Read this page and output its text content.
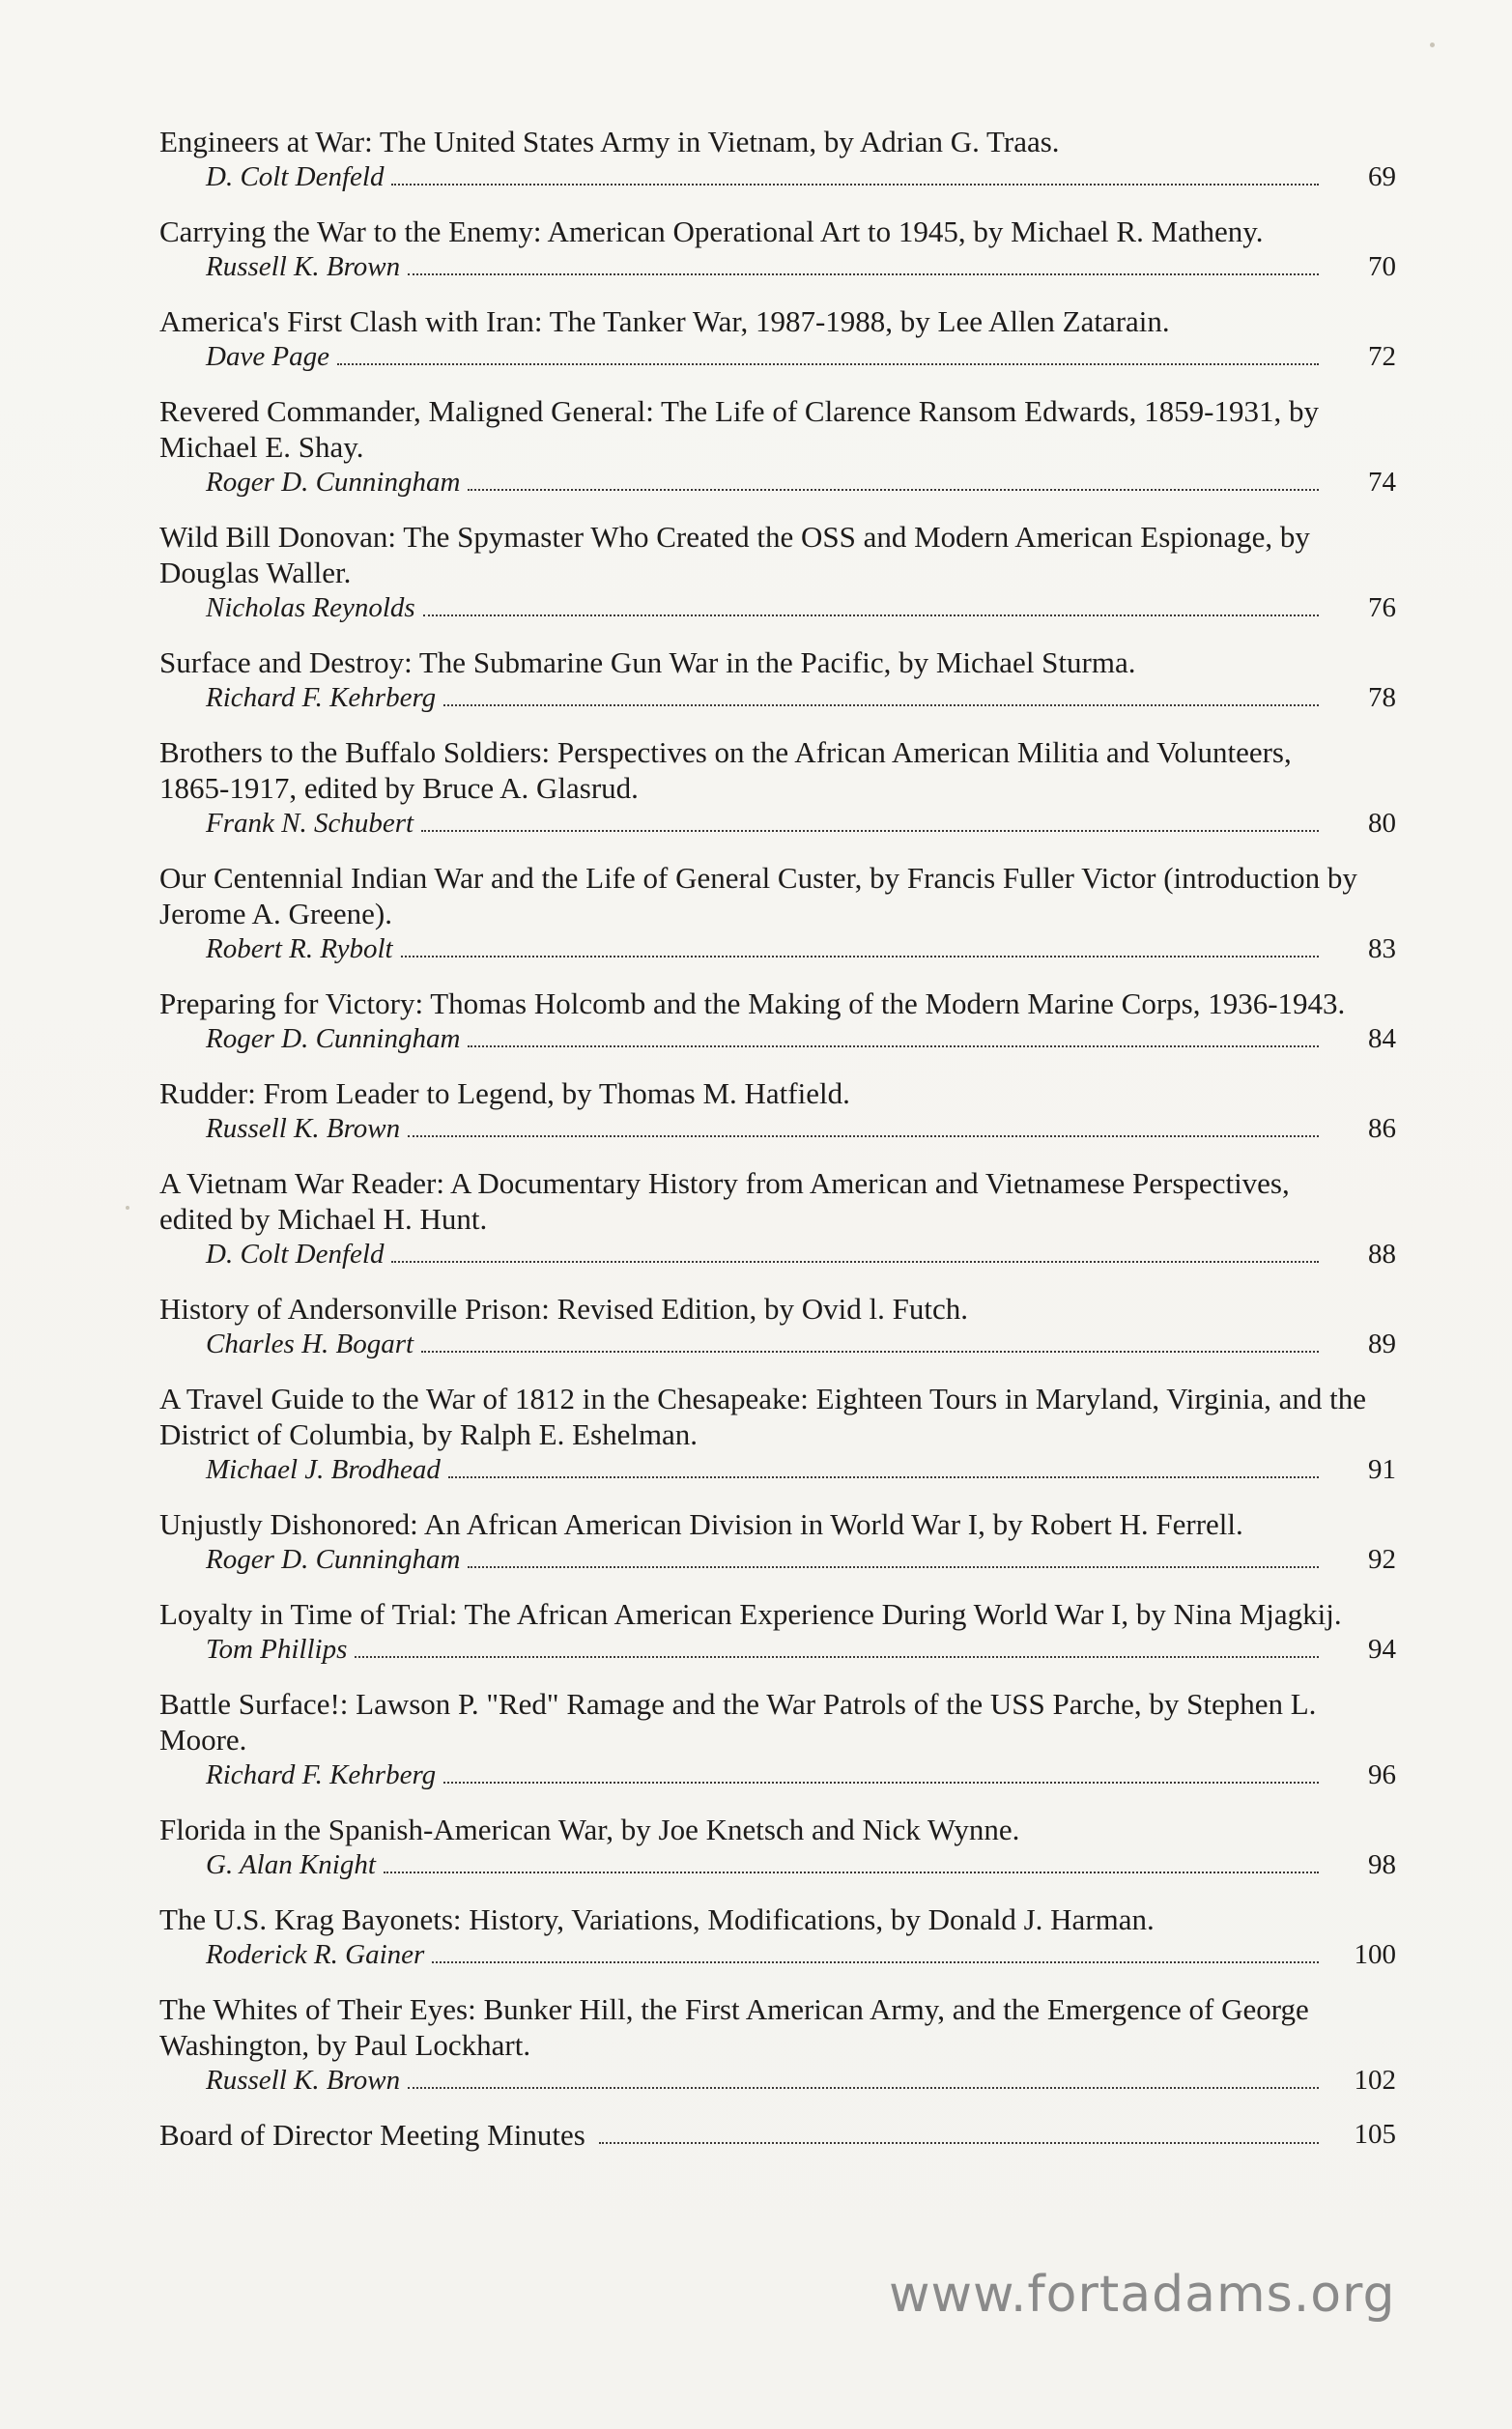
Engineers at War: The United States Army in Vietnam, by Adrian G. Traas.
D. Colt Denfeld	69
Carrying the War to the Enemy: American Operational Art to 1945, by Michael R. Matheny.
Russell K. Brown	70
America's First Clash with Iran: The Tanker War, 1987-1988, by Lee Allen Zatarain.
Dave Page	72
Revered Commander, Maligned General: The Life of Clarence Ransom Edwards, 1859-1931, by Michael E. Shay.
Roger D. Cunningham	74
Wild Bill Donovan: The Spymaster Who Created the OSS and Modern American Espionage, by Douglas Waller.
Nicholas Reynolds	76
Surface and Destroy: The Submarine Gun War in the Pacific, by Michael Sturma.
Richard F. Kehrberg	78
Brothers to the Buffalo Soldiers: Perspectives on the African American Militia and Volunteers, 1865-1917, edited by Bruce A. Glasrud.
Frank N. Schubert	80
Our Centennial Indian War and the Life of General Custer, by Francis Fuller Victor (introduction by Jerome A. Greene).
Robert R. Rybolt	83
Preparing for Victory: Thomas Holcomb and the Making of the Modern Marine Corps, 1936-1943.
Roger D. Cunningham	84
Rudder: From Leader to Legend, by Thomas M. Hatfield.
Russell K. Brown	86
A Vietnam War Reader: A Documentary History from American and Vietnamese Perspectives, edited by Michael H. Hunt.
D. Colt Denfeld	88
History of Andersonville Prison: Revised Edition, by Ovid l. Futch.
Charles H. Bogart	89
A Travel Guide to the War of 1812 in the Chesapeake: Eighteen Tours in Maryland, Virginia, and the District of Columbia, by Ralph E. Eshelman.
Michael J. Brodhead	91
Unjustly Dishonored: An African American Division in World War I, by Robert H. Ferrell.
Roger D. Cunningham	92
Loyalty in Time of Trial: The African American Experience During World War I, by Nina Mjagkij.
Tom Phillips	94
Battle Surface!: Lawson P. "Red" Ramage and the War Patrols of the USS Parche, by Stephen L. Moore.
Richard F. Kehrberg	96
Florida in the Spanish-American War, by Joe Knetsch and Nick Wynne.
G. Alan Knight	98
The U.S. Krag Bayonets: History, Variations, Modifications, by Donald J. Harman.
Roderick R. Gainer	100
The Whites of Their Eyes: Bunker Hill, the First American Army, and the Emergence of George Washington, by Paul Lockhart.
Russell K. Brown	102
Board of Director Meeting Minutes	105
www.fortadams.org
